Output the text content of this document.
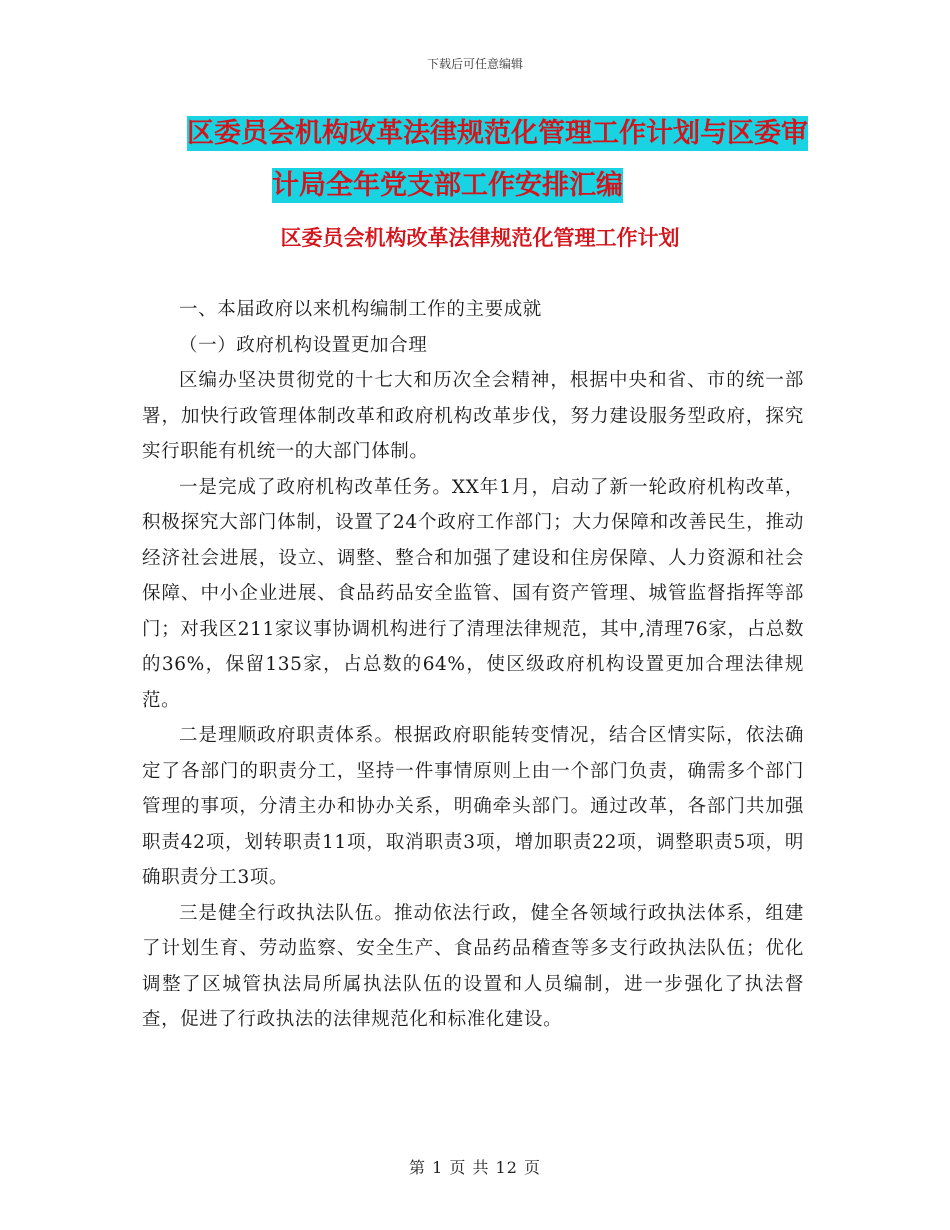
下载后可任意编辑
区委员会机构改革法律规范化管理工作计划与区委审
计局全年党支部工作安排汇编
区委员会机构改革法律规范化管理工作计划

一、本届政府以来机构编制工作的主要成就

（一）政府机构设置更加合理

区编办坚决贯彻党的十七大和历次全会精神，根据中央和省、市的统一部署，加快行政管理体制改革和政府机构改革步伐，努力建设服务型政府，探究实行职能有机统一的大部门体制。

一是完成了政府机构改革任务。XX年1月，启动了新一轮政府机构改革，积极探究大部门体制，设置了24个政府工作部门；大力保障和改善民生，推动经济社会进展，设立、调整、整合和加强了建设和住房保障、人力资源和社会保障、中小企业进展、食品药品安全监管、国有资产管理、城管监督指挥等部门；对我区211家议事协调机构进行了清理法律规范，其中,清理76家，占总数的36%，保留135家，占总数的64%，使区级政府机构设置更加合理法律规范。

二是理顺政府职责体系。根据政府职能转变情况，结合区情实际，依法确定了各部门的职责分工，坚持一件事情原则上由一个部门负责，确需多个部门管理的事项，分清主办和协办关系，明确牵头部门。通过改革，各部门共加强职责42项，划转职责11项，取消职责3项，增加职责22项，调整职责5项，明确职责分工3项。

三是健全行政执法队伍。推动依法行政，健全各领域行政执法体系，组建了计划生育、劳动监察、安全生产、食品药品稽查等多支行政执法队伍；优化调整了区城管执法局所属执法队伍的设置和人员编制，进一步强化了执法督查，促进了行政执法的法律规范化和标准化建设。

第 1 页 共 12 页
